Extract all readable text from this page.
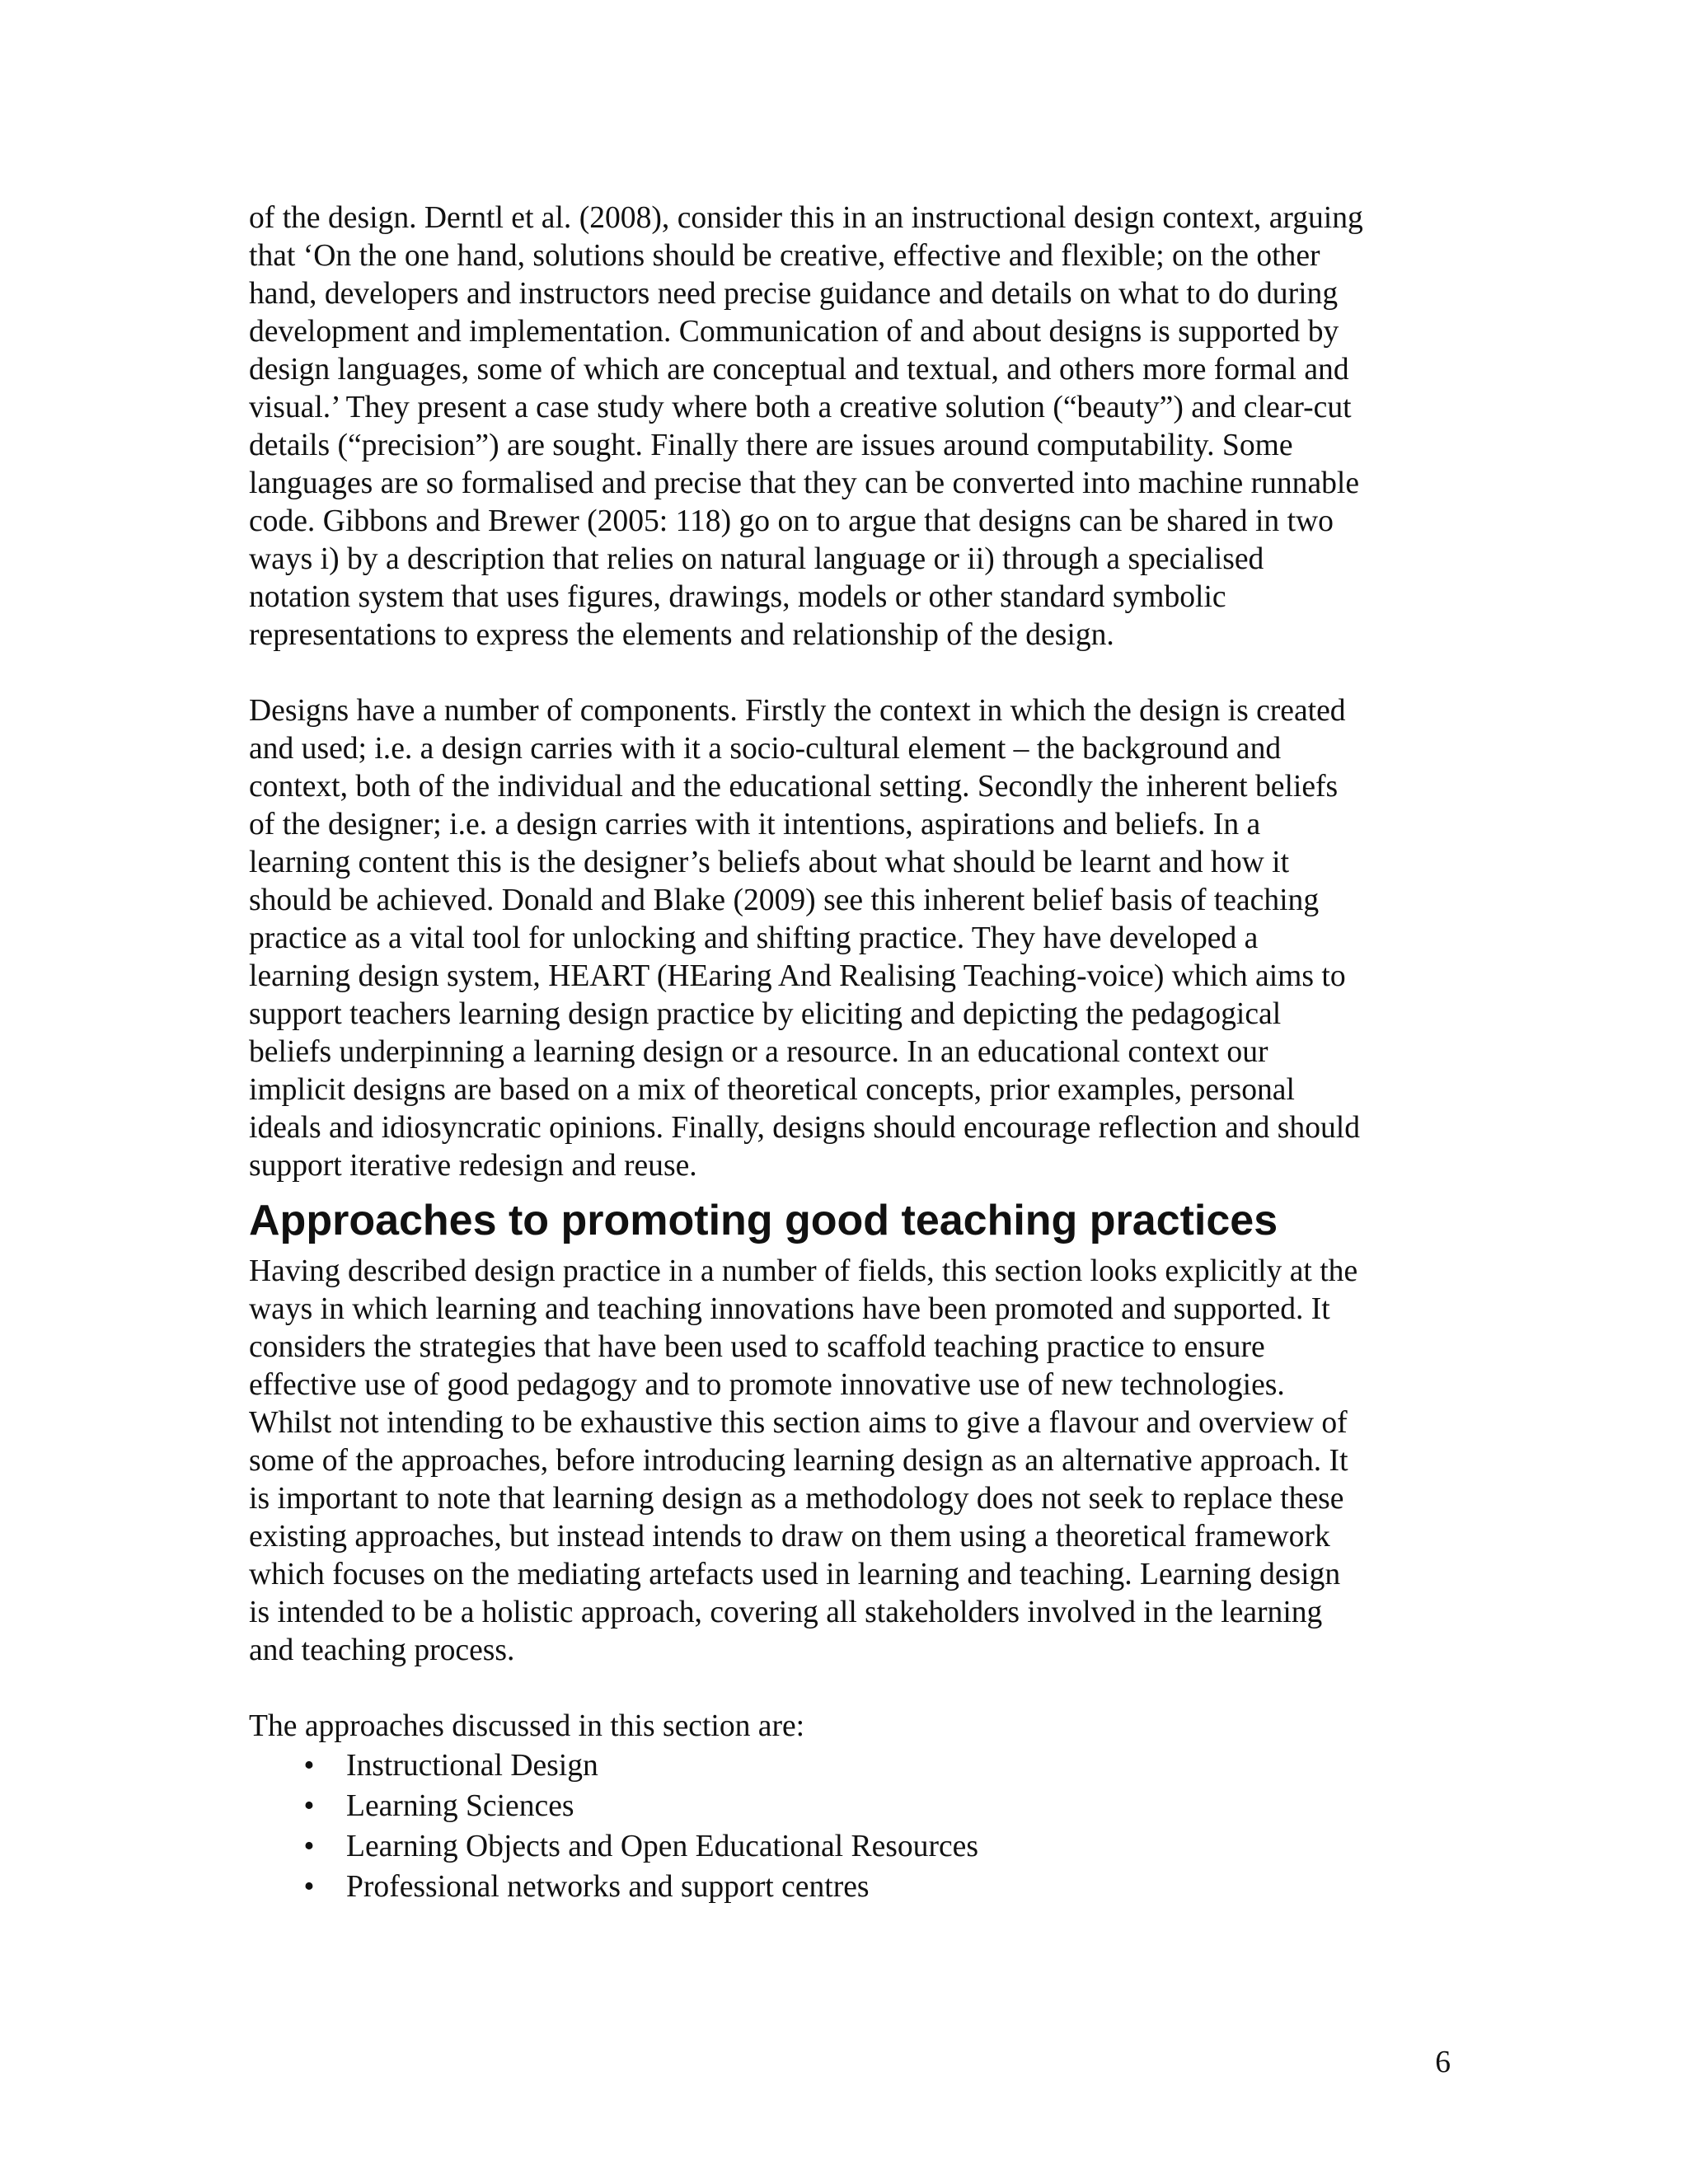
of the design. Derntl et al. (2008), consider this in an instructional design context, arguing
that ‘On the one hand, solutions should be creative, effective and flexible; on the other
hand, developers and instructors need precise guidance and details on what to do during
development and implementation. Communication of and about designs is supported by
design languages, some of which are conceptual and textual, and others more formal and
visual.’ They present a case study where both a creative solution (“beauty”) and clear-cut
details (“precision”) are sought. Finally there are issues around computability. Some
languages are so formalised and precise that they can be converted into machine runnable
code. Gibbons and Brewer (2005: 118) go on to argue that designs can be shared in two
ways i) by a description that relies on natural language or ii) through a specialised
notation system that uses figures, drawings, models or other standard symbolic
representations to express the elements and relationship of the design.

Designs have a number of components. Firstly the context in which the design is created
and used; i.e. a design carries with it a socio-cultural element – the background and
context, both of the individual and the educational setting. Secondly the inherent beliefs
of the designer; i.e. a design carries with it intentions, aspirations and beliefs. In a
learning content this is the designer’s beliefs about what should be learnt and how it
should be achieved. Donald and Blake (2009) see this inherent belief basis of teaching
practice as a vital tool for unlocking and shifting practice. They have developed a
learning design system, HEART (HEaring And Realising Teaching-voice) which aims to
support teachers learning design practice by eliciting and depicting the pedagogical
beliefs underpinning a learning design or a resource. In an educational context our
implicit designs are based on a mix of theoretical concepts, prior examples, personal
ideals and idiosyncratic opinions. Finally, designs should encourage reflection and should
support iterative redesign and reuse.

Approaches to promoting good teaching practices

Having described design practice in a number of fields, this section looks explicitly at the
ways in which learning and teaching innovations have been promoted and supported. It
considers the strategies that have been used to scaffold teaching practice to ensure
effective use of good pedagogy and to promote innovative use of new technologies.
Whilst not intending to be exhaustive this section aims to give a flavour and overview of
some of the approaches, before introducing learning design as an alternative approach. It
is important to note that learning design as a methodology does not seek to replace these
existing approaches, but instead intends to draw on them using a theoretical framework
which focuses on the mediating artefacts used in learning and teaching. Learning design
is intended to be a holistic approach, covering all stakeholders involved in the learning
and teaching process.

The approaches discussed in this section are:

• Instructional Design
• Learning Sciences
• Learning Objects and Open Educational Resources
• Professional networks and support centres
6
